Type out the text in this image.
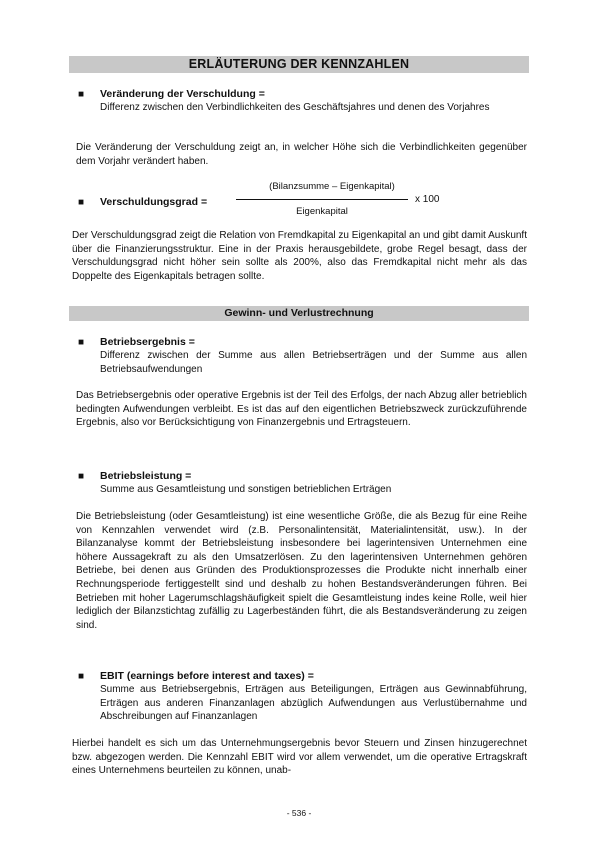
ERLÄUTERUNG DER KENNZAHLEN
■ Veränderung der Verschuldung =
Differenz zwischen den Verbindlichkeiten des Geschäftsjahres und denen des Vorjahres
Die Veränderung der Verschuldung zeigt an, in welcher Höhe sich die Verbindlichkeiten gegenüber dem Vorjahr verändert haben.
■ Verschuldungsgrad =
(Bilanzsumme – Eigenkapital)
Eigenkapital
x 100
Der Verschuldungsgrad zeigt die Relation von Fremdkapital zu Eigenkapital an und gibt damit Auskunft über die Finanzierungsstruktur. Eine in der Praxis herausgebildete, grobe Regel besagt, dass der Verschuldungsgrad nicht höher sein sollte als 200%, also das Fremdkapital nicht mehr als das Doppelte des Eigenkapitals betragen sollte.
Gewinn- und Verlustrechnung
■ Betriebsergebnis =
Differenz zwischen der Summe aus allen Betriebserträgen und der Summe aus allen Betriebsaufwendungen
Das Betriebsergebnis oder operative Ergebnis ist der Teil des Erfolgs, der nach Abzug aller betrieblich bedingten Aufwendungen verbleibt. Es ist das auf den eigentlichen Betriebszweck zurückzuführende Ergebnis, also vor Berücksichtigung von Finanzergebnis und Ertragsteuern.
■ Betriebsleistung =
Summe aus Gesamtleistung und sonstigen betrieblichen Erträgen
Die Betriebsleistung (oder Gesamtleistung) ist eine wesentliche Größe, die als Bezug für eine Reihe von Kennzahlen verwendet wird (z.B. Personalintensität, Materialintensität, usw.). In der Bilanzanalyse kommt der Betriebsleistung insbesondere bei lagerintensiven Unternehmen eine höhere Aussagekraft zu als den Umsatzerlösen. Zu den lagerintensiven Unternehmen gehören Betriebe, bei denen aus Gründen des Produktionsprozesses die Produkte nicht innerhalb einer Rechnungsperiode fertiggestellt sind und deshalb zu hohen Bestandsveränderungen führen. Bei Betrieben mit hoher Lagerumschlagshäufigkeit spielt die Gesamtleistung indes keine Rolle, weil hier lediglich der Bilanzstichtag zufällig zu Lagerbeständen führt, die als Bestandsveränderung zu zeigen sind.
■ EBIT (earnings before interest and taxes) =
Summe aus Betriebsergebnis, Erträgen aus Beteiligungen, Erträgen aus Gewinnabführung, Erträgen aus anderen Finanzanlagen abzüglich Aufwendungen aus Verlustübernahme und Abschreibungen auf Finanzanlagen
Hierbei handelt es sich um das Unternehmungsergebnis bevor Steuern und Zinsen hinzugerechnet bzw. abgezogen werden. Die Kennzahl EBIT wird vor allem verwendet, um die operative Ertragskraft eines Unternehmens beurteilen zu können, unab-
- 536 -
